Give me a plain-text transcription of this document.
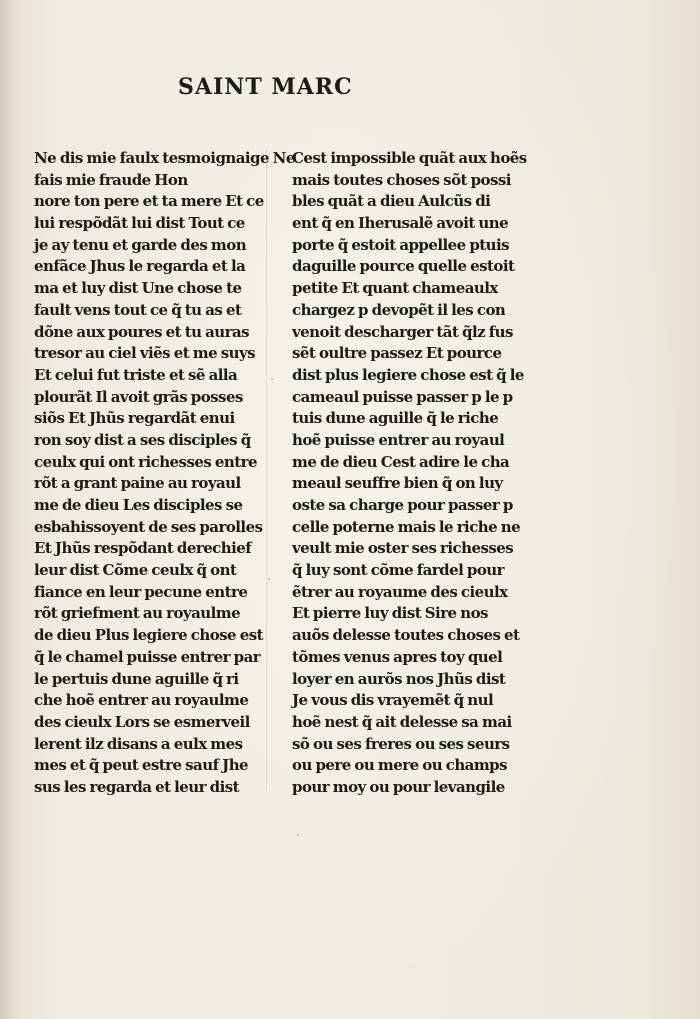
SAINT MARC
Ne dis mie faulx tesmoignaige Ne
fais mie fraude Hon
nore ton pere et ta mere Et ce
lui respõdãt lui dist Tout ce
je ay tenu et garde des mon
enfãce Jhus le regarda et la
ma et luy dist Une chose te
fault vens tout ce q̃ tu as et
dõne aux poures et tu auras
tresor au ciel viẽs et me suys
Et celui fut triste et sẽ alla
plourãt Il avoit grãs posses
siõs Et Jhũs regardãt enui
ron soy dist a ses disciples q̃
ceulx qui ont richesses entre
rõt a grant paine au royaul
me de dieu Les disciples se
esbahissoyent de ses parolles
Et Jhũs respõdant derechief
leur dist Cõme ceulx q̃ ont
fiance en leur pecune entre
rõt griefment au royaulme
de dieu Plus legiere chose est
q̃ le chamel puisse entrer par
le pertuis dune aguille q̃ ri
che hoẽ entrer au royaulme
des cieulx Lors se esmerveil
lerent ilz disans a eulx mes
mes et q̃ peut estre sauf Jhe
sus les regarda et leur dist
Cest impossible quãt aux hoẽs
mais toutes choses sõt possi
bles quãt a dieu Aulcũs di
ent q̃ en Iherusalẽ avoit une
porte q̃ estoit appellee ptuis
daguille pource quelle estoit
petite Et quant chameaulx
chargez p devopẽt il les con
venoit descharger tãt q̃lz fus
sẽt oultre passez Et pource
dist plus legiere chose est q̃ le
cameaul puisse passer p le p
tuis dune aguille q̃ le riche
hoẽ puisse entrer au royaul
me de dieu Cest adire le cha
meaul seuffre bien q̃ on luy
oste sa charge pour passer p
celle poterne mais le riche ne
veult mie oster ses richesses
q̃ luy sont cõme fardel pour
ẽtrer au royaume des cieulx
Et pierre luy dist Sire nos
auõs delesse toutes choses et
tõmes venus apres toy quel
loyer en aurõs nos Jhũs dist
Je vous dis vrayemẽt q̃ nul
hoẽ nest q̃ ait delesse sa mai
sõ ou ses freres ou ses seurs
ou pere ou mere ou champs
pour moy ou pour levangile
